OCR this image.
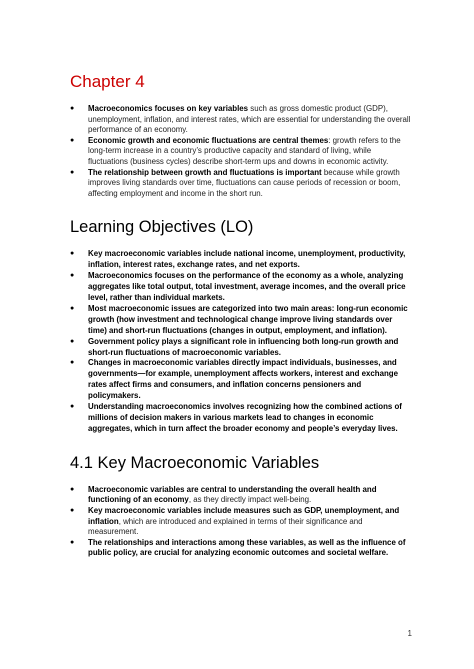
Chapter 4
● Macroeconomics focuses on key variables such as gross domestic product (GDP), unemployment, inflation, and interest rates, which are essential for understanding the overall performance of an economy.
● Economic growth and economic fluctuations are central themes: growth refers to the long-term increase in a country’s productive capacity and standard of living, while fluctuations (business cycles) describe short-term ups and downs in economic activity.
● The relationship between growth and fluctuations is important because while growth improves living standards over time, fluctuations can cause periods of recession or boom, affecting employment and income in the short run.
Learning Objectives (LO)
● Key macroeconomic variables include national income, unemployment, productivity, inflation, interest rates, exchange rates, and net exports.
● Macroeconomics focuses on the performance of the economy as a whole, analyzing aggregates like total output, total investment, average incomes, and the overall price level, rather than individual markets.
● Most macroeconomic issues are categorized into two main areas: long-run economic growth (how investment and technological change improve living standards over time) and short-run fluctuations (changes in output, employment, and inflation).
● Government policy plays a significant role in influencing both long-run growth and short-run fluctuations of macroeconomic variables.
● Changes in macroeconomic variables directly impact individuals, businesses, and governments—for example, unemployment affects workers, interest and exchange rates affect firms and consumers, and inflation concerns pensioners and policymakers.
● Understanding macroeconomics involves recognizing how the combined actions of millions of decision makers in various markets lead to changes in economic aggregates, which in turn affect the broader economy and people’s everyday lives.
4.1 Key Macroeconomic Variables
● Macroeconomic variables are central to understanding the overall health and functioning of an economy, as they directly impact well-being.
● Key macroeconomic variables include measures such as GDP, unemployment, and inflation, which are introduced and explained in terms of their significance and measurement.
● The relationships and interactions among these variables, as well as the influence of public policy, are crucial for analyzing economic outcomes and societal welfare.
1
